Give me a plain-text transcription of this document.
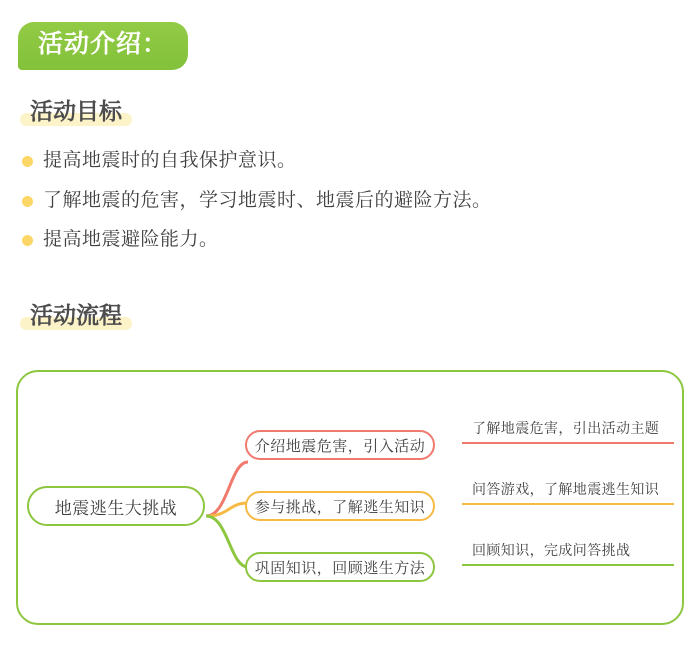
活动介绍：
活动目标
提高地震时的自我保护意识。
了解地震的危害，学习地震时、地震后的避险方法。
提高地震避险能力。
活动流程
地震逃生大挑战
介绍地震危害，引入活动
参与挑战，了解逃生知识
巩固知识，回顾逃生方法
了解地震危害，引出活动主题
问答游戏，了解地震逃生知识
回顾知识，完成问答挑战
